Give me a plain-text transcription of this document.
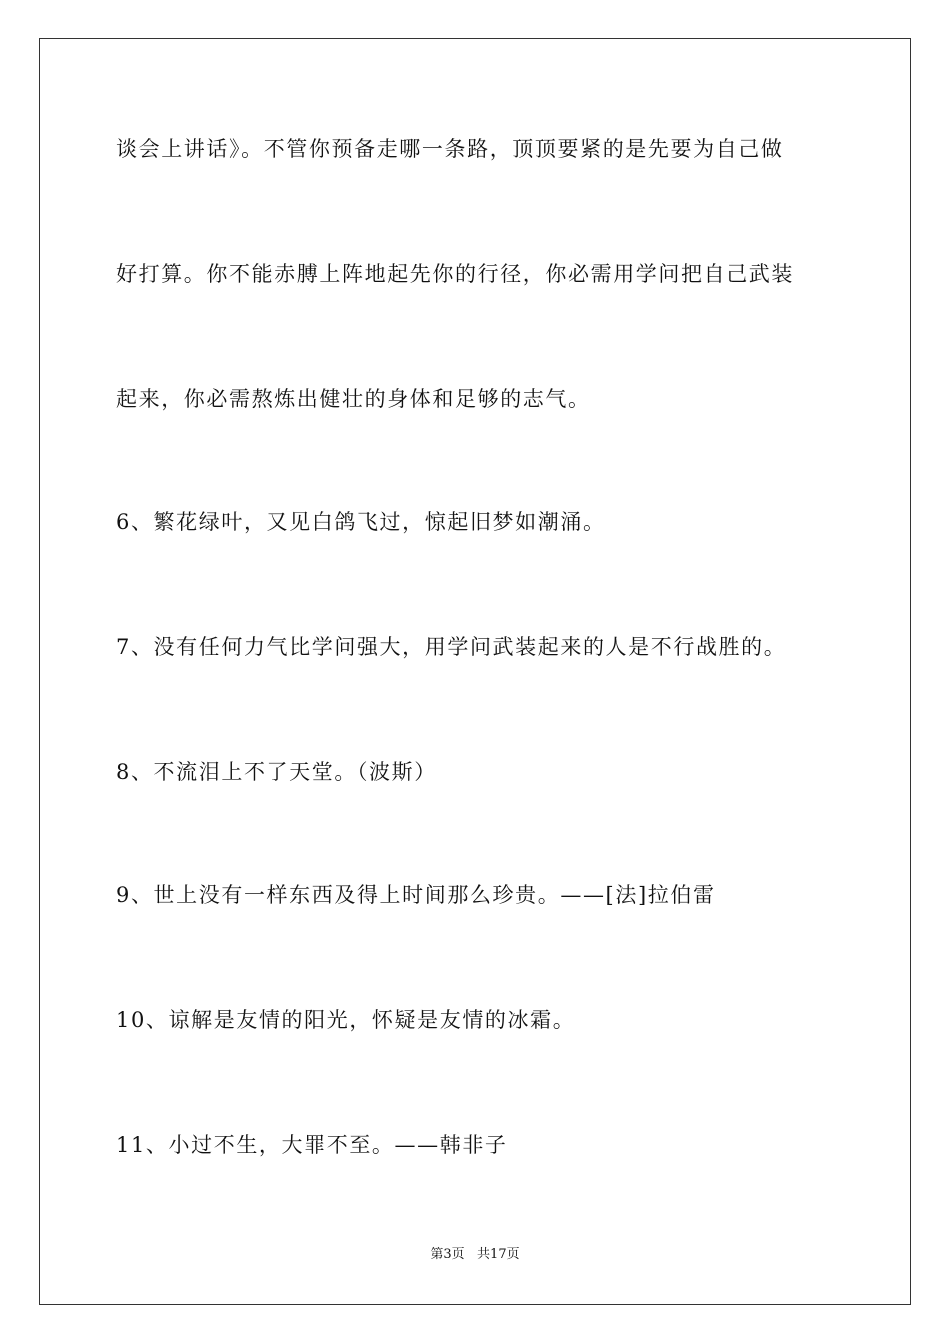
谈会上讲话》。不管你预备走哪一条路，顶顶要紧的是先要为自己做
好打算。你不能赤膊上阵地起先你的行径，你必需用学问把自己武装
起来，你必需熬炼出健壮的身体和足够的志气。
6、繁花绿叶，又见白鸽飞过，惊起旧梦如潮涌。
7、没有任何力气比学问强大，用学问武装起来的人是不行战胜的。
8、不流泪上不了天堂。（波斯）
9、世上没有一样东西及得上时间那么珍贵。——[法]拉伯雷
10、谅解是友情的阳光，怀疑是友情的冰霜。
11、小过不生，大罪不至。——韩非子
第3页   共17页
